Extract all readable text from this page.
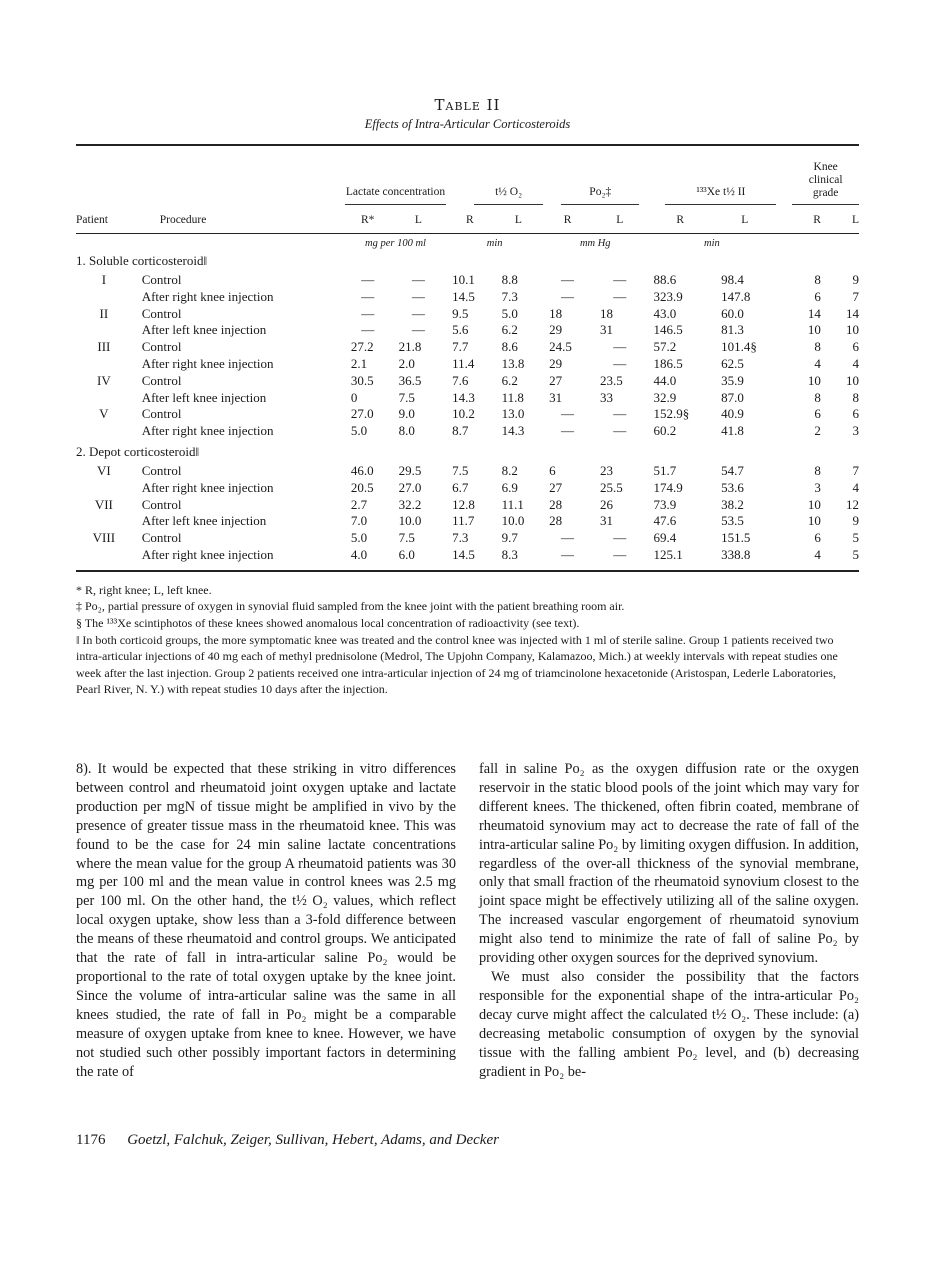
Table II
Effects of Intra-Articular Corticosteroids

		Lactate concentration		t½ O₂		Po₂‡		¹³³Xe t½ II		Knee
clinical
grade	

Patient	Procedure	R*	L	R	L	R	L	R	L	R	L
		mg per 100 ml		min		mm Hg		min			
1. Soluble corticosteroid‖											
I	Control	—	—	10.1	8.8	—	—	88.6	98.4	8	9
	After right knee injection	—	—	14.5	7.3	—	—	323.9	147.8	6	7
II	Control	—	—	9.5	5.0	18	18	43.0	60.0	14	14
	After left knee injection	—	—	5.6	6.2	29	31	146.5	81.3	10	10
III	Control	27.2	21.8	7.7	8.6	24.5	—	57.2	101.4§	8	6
	After right knee injection	2.1	2.0	11.4	13.8	29	—	186.5	62.5	4	4
IV	Control	30.5	36.5	7.6	6.2	27	23.5	44.0	35.9	10	10
	After left knee injection	0	7.5	14.3	11.8	31	33	32.9	87.0	8	8
V	Control	27.0	9.0	10.2	13.0	—	—	152.9§	40.9	6	6
	After right knee injection	5.0	8.0	8.7	14.3	—	—	60.2	41.8	2	3
2. Depot corticosteroid‖											
VI	Control	46.0	29.5	7.5	8.2	6	23	51.7	54.7	8	7
	After right knee injection	20.5	27.0	6.7	6.9	27	25.5	174.9	53.6	3	4
VII	Control	2.7	32.2	12.8	11.1	28	26	73.9	38.2	10	12
	After left knee injection	7.0	10.0	11.7	10.0	28	31	47.6	53.5	10	9
VIII	Control	5.0	7.5	7.3	9.7	—	—	69.4	151.5	6	5
	After right knee injection	4.0	6.0	14.5	8.3	—	—	125.1	338.8	4	5
* R, right knee; L, left knee.
‡ Po₂, partial pressure of oxygen in synovial fluid sampled from the knee joint with the patient breathing room air.
§ The ¹³³Xe scintiphotos of these knees showed anomalous local concentration of radioactivity (see text).
‖ In both corticoid groups, the more symptomatic knee was treated and the control knee was injected with 1 ml of sterile saline. Group 1 patients received two intra-articular injections of 40 mg each of methyl prednisolone (Medrol, The Upjohn Company, Kalamazoo, Mich.) at weekly intervals with repeat studies one week after the last injection. Group 2 patients received one intra-articular injection of 24 mg of triamcinolone hexacetonide (Aristospan, Lederle Laboratories, Pearl River, N. Y.) with repeat studies 10 days after the injection.

8). It would be expected that these striking in vitro differences between control and rheumatoid joint oxygen uptake and lactate production per mgN of tissue might be amplified in vivo by the presence of greater tissue mass in the rheumatoid knee. This was found to be the case for 24 min saline lactate concentrations where the mean value for the group A rheumatoid patients was 30 mg per 100 ml and the mean value in control knees was 2.5 mg per 100 ml. On the other hand, the t½ O₂ values, which reflect local oxygen uptake, show less than a 3-fold difference between the means of these rheumatoid and control groups. We anticipated that the rate of fall in intra-articular saline Po₂ would be proportional to the rate of total oxygen uptake by the knee joint. Since the volume of intra-articular saline was the same in all knees studied, the rate of fall in Po₂ might be a comparable measure of oxygen uptake from knee to knee. However, we have not studied such other possibly important factors in determining the rate of

fall in saline Po₂ as the oxygen diffusion rate or the oxygen reservoir in the static blood pools of the joint which may vary for different knees. The thickened, often fibrin coated, membrane of rheumatoid synovium may act to decrease the rate of fall of the intra-articular saline Po₂ by limiting oxygen diffusion. In addition, regardless of the over-all thickness of the synovial membrane, only that small fraction of the rheumatoid synovium closest to the joint space might be effectively utilizing all of the saline oxygen. The increased vascular engorgement of rheumatoid synovium might also tend to minimize the rate of fall of saline Po₂ by providing other oxygen sources for the deprived synovium.

We must also consider the possibility that the factors responsible for the exponential shape of the intra-articular Po₂ decay curve might affect the calculated t½ O₂. These include: (a) decreasing metabolic consumption of oxygen by the synovial tissue with the falling ambient Po₂ level, and (b) decreasing gradient in Po₂ be-

1176 Goetzl, Falchuk, Zeiger, Sullivan, Hebert, Adams, and Decker
